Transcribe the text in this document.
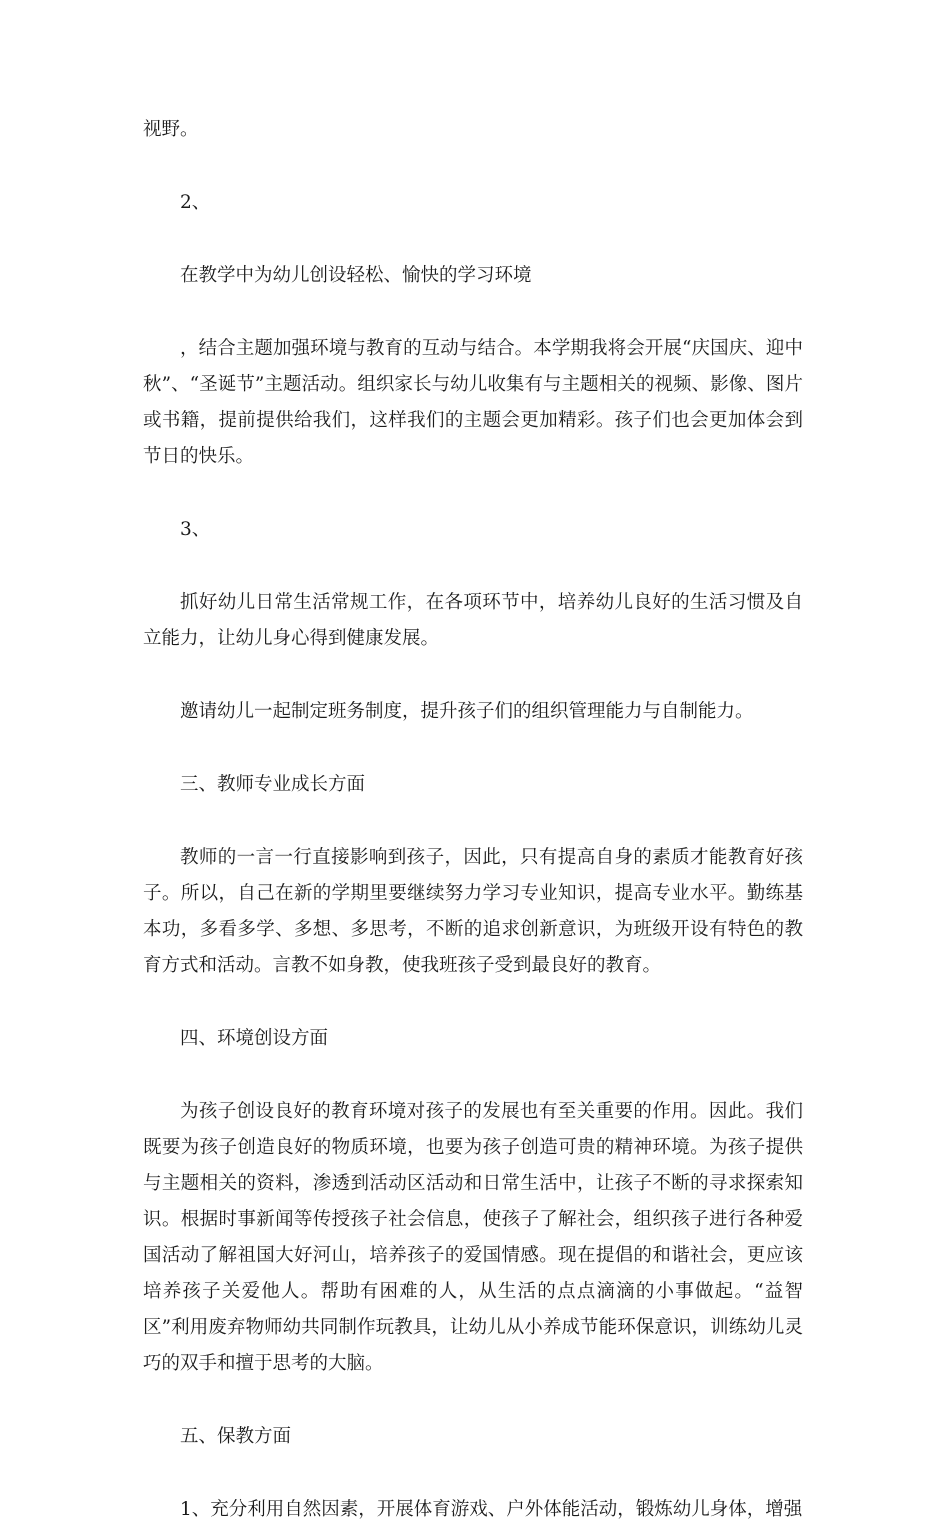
视野。
2、
在教学中为幼儿创设轻松、愉快的学习环境
，结合主题加强环境与教育的互动与结合。本学期我将会开展“庆国庆、迎中
秋”、“圣诞节”主题活动。组织家长与幼儿收集有与主题相关的视频、影像、图片
或书籍，提前提供给我们，这样我们的主题会更加精彩。孩子们也会更加体会到
节日的快乐。
3、
抓好幼儿日常生活常规工作，在各项环节中，培养幼儿良好的生活习惯及自
立能力，让幼儿身心得到健康发展。
邀请幼儿一起制定班务制度，提升孩子们的组织管理能力与自制能力。
三、教师专业成长方面
教师的一言一行直接影响到孩子，因此，只有提高自身的素质才能教育好孩
子。所以，自己在新的学期里要继续努力学习专业知识，提高专业水平。勤练基
本功，多看多学、多想、多思考，不断的追求创新意识，为班级开设有特色的教
育方式和活动。言教不如身教，使我班孩子受到最良好的教育。
四、环境创设方面
为孩子创设良好的教育环境对孩子的发展也有至关重要的作用。因此。我们
既要为孩子创造良好的物质环境，也要为孩子创造可贵的精神环境。为孩子提供
与主题相关的资料，渗透到活动区活动和日常生活中，让孩子不断的寻求探索知
识。根据时事新闻等传授孩子社会信息，使孩子了解社会，组织孩子进行各种爱
国活动了解祖国大好河山，培养孩子的爱国情感。现在提倡的和谐社会，更应该
培养孩子关爱他人。帮助有困难的人，从生活的点点滴滴的小事做起。“益智
区”利用废弃物师幼共同制作玩教具，让幼儿从小养成节能环保意识，训练幼儿灵
巧的双手和擅于思考的大脑。
五、保教方面
1、充分利用自然因素，开展体育游戏、户外体能活动，锻炼幼儿身体，增强
